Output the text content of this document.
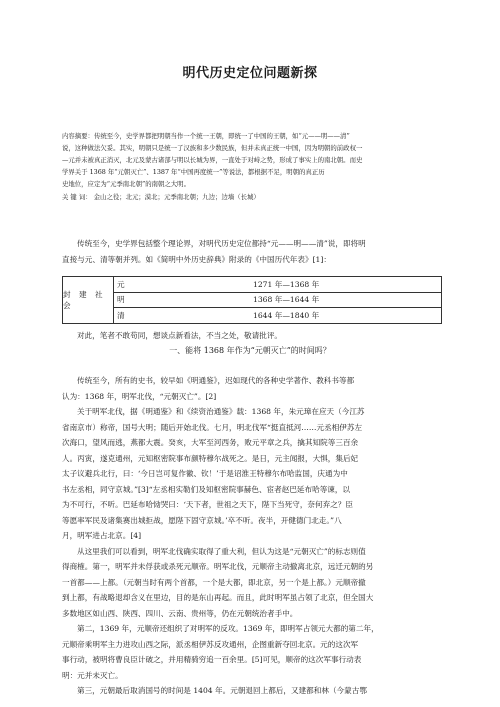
明代历史定位问题新探

内容摘要：传统至今，史学界都把明朝当作一个统一王朝，即统一了中国的王朝，如“元——明——清”

说，这种做法欠妥。其实，明朝只是统一了汉族和多少数民族，但并未真正统一中国，因为明朝的前政权一

—元并未被真正消灭，北元及蒙古诸部与明以长城为界，一直处于对峙之势，形成了事实上的南北朝。而史

学界关于 1368 年“元朝灭亡”、1387 年“中国再度统一”等说法，都根据不足，明朝的真正历

史地位，应定为“元季南北朝”的南朝之大明。

关 键 词： 金山之役；北元；漠北；元季南北朝；九边；边墙（长城）

传统至今，史学界包括整个理论界，对明代历史定位都持“元——明——清”说，即将明

直接与元、清等朝并列。如《简明中外历史辞典》附录的《中国历代年表》[1]：

封 建 社 会
元	1271 年—1368 年
明	1368 年—1644 年
清	1644 年—1840 年

对此，笔者不敢苟同，想谈点新看法，不当之处，敬请批评。

一、能将 1368 年作为“元朝灭亡”的时间吗？

传统至今，所有的史书，较早如《明通鉴》，迟如现代的各种史学著作、教科书等都

认为：1368 年，明军北伐，“元朝灭亡”。[2]

关于明军北伐，据《明通鉴》和《续资治通鉴》载：1368 年，朱元璋在应天（今江苏

省南京市）称帝，国号大明；随后开始北伐。七月，明北伐军“挺直抵河……元丞相伊苏左

次海口，望风而逃，燕都大震。癸亥，大军至河西务，败元平章之兵，擒其知院等三百余

人。丙寅，遂克通州，元知枢密院事布颜特穆尔战死之。是日，元主闻报，大惧，集后妃

太子议避兵北行，曰：‘今日岂可复作徽、钦！’于是诏淮王特穆尔布哈监国，庆通为中

书左丞相，同守京城。”[3]“左丞相实勒们及知枢密院事赫色、宦者赵巴延布哈等谏，以

为不可行，不听。巴延布哈恸哭曰：‘天下者，世祖之天下，陛下当死守，奈何弃之？臣

等愿率军民及诸集赛出城拒战，愿陛下固守京城。’卒不听。夜半，开健德门北走。”八

月，明军进占北京。[4]

从这里我们可以看到，明军北伐确实取得了重大利，但认为这是“元朝灭亡”的标志则值

得商榷。第一，明军并未俘获或杀死元顺帝。明军北伐，元顺帝主动撤离北京，远迁元朝的另

一首都——上都。（元朝当时有两个首都，一个是大都，即北京，另一个是上都。）元顺帝撤

到上都，有战略退却含义在里边，目的是东山再起。而且，此时明军虽占领了北京，但全国大

多数地区如山西、陕西、四川、云南、贵州等，仍在元朝统治者手中。

第二，1369 年，元顺帝还组织了对明军的反攻。1369 年，即明军占领元大都的第二年，

元顺帝乘明军主力进攻山西之际，派丞相伊苏反攻通州，企图重新夺回北京。元的这次军

事行动，被明将曹良臣计破之，并用精骑穷追一百余里。[5]可见，顺帝的这次军事行动表

明：元并未灭亡。

第三，元朝最后取消国号的时间是 1404 年。元朝退回上都后，又建都和林（今蒙古鄂
